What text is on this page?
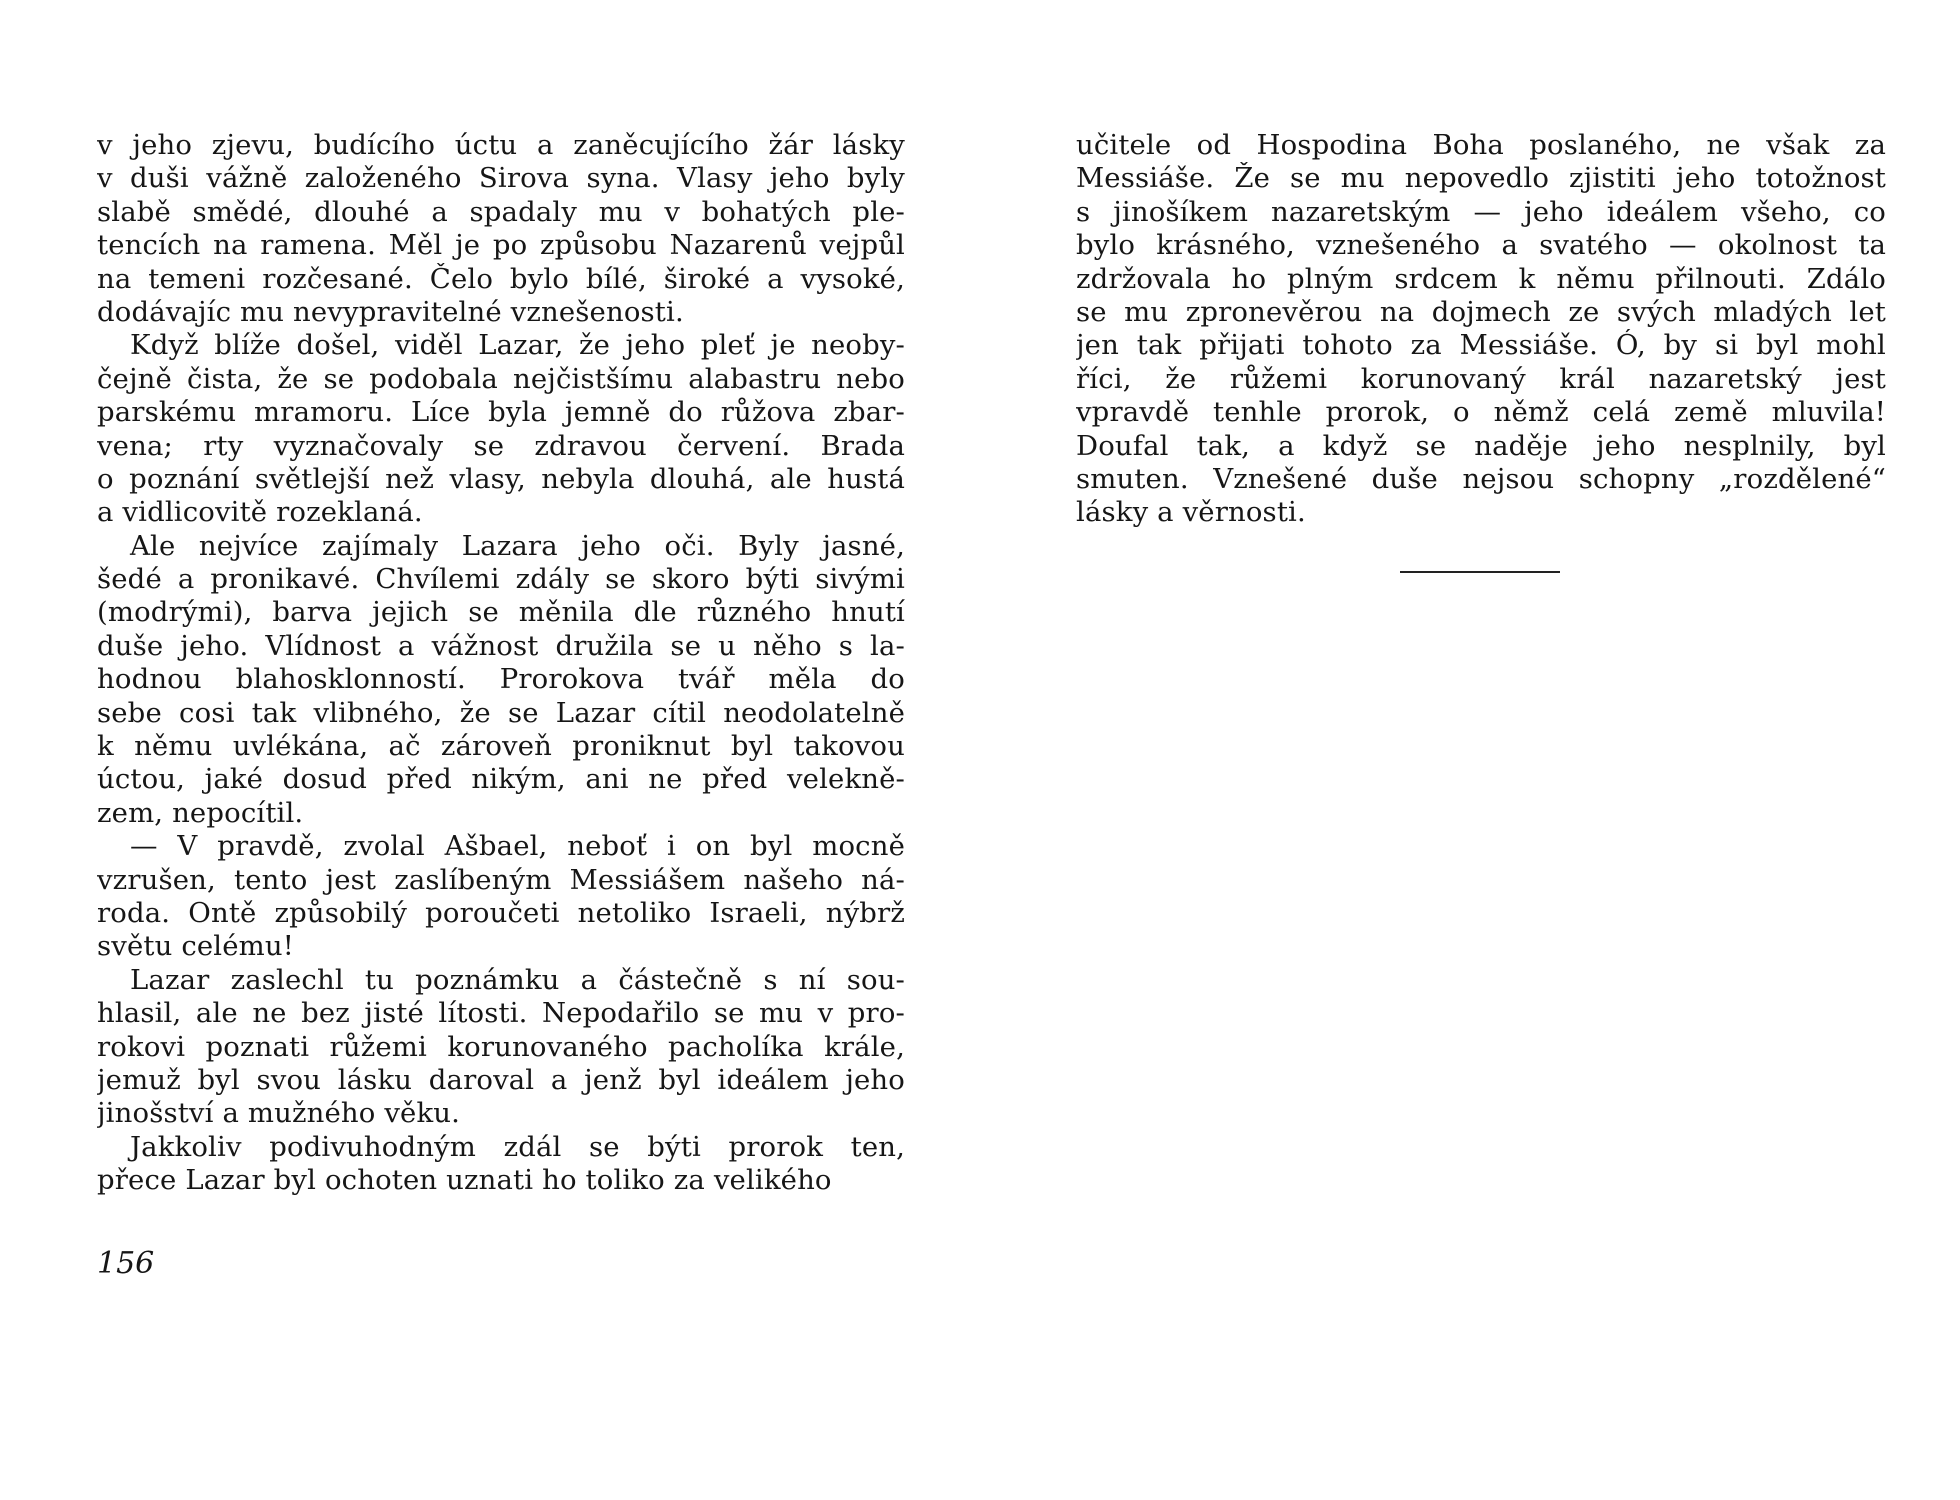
v jeho zjevu, budícího úctu a zaněcujícího žár lásky
v duši vážně založeného Sirova syna. Vlasy jeho byly
slabě smědé, dlouhé a spadaly mu v bohatých ple-
tencích na ramena. Měl je po způsobu Nazarenů vejpůl
na temeni rozčesané. Čelo bylo bílé, široké a vysoké,
dodávajíc mu nevypravitelné vznešenosti.
Když blíže došel, viděl Lazar, že jeho pleť je neoby-
čejně čista, že se podobala nejčistšímu alabastru nebo
parskému mramoru. Líce byla jemně do růžova zbar-
vena; rty vyznačovaly se zdravou červení. Brada
o poznání světlejší než vlasy, nebyla dlouhá, ale hustá
a vidlicovitě rozeklaná.
Ale nejvíce zajímaly Lazara jeho oči. Byly jasné,
šedé a pronikavé. Chvílemi zdály se skoro býti sivými
(modrými), barva jejich se měnila dle různého hnutí
duše jeho. Vlídnost a vážnost družila se u něho s la-
hodnou blahosklonností. Prorokova tvář měla do
sebe cosi tak vlibného, že se Lazar cítil neodolatelně
k němu uvlékána, ač zároveň proniknut byl takovou
úctou, jaké dosud před nikým, ani ne před velekně-
zem, nepocítil.
— V pravdě, zvolal Ašbael, neboť i on byl mocně
vzrušen, tento jest zaslíbeným Messiášem našeho ná-
roda. Ontě způsobilý poroučeti netoliko Israeli, nýbrž
světu celému!
Lazar zaslechl tu poznámku a částečně s ní sou-
hlasil, ale ne bez jisté lítosti. Nepodařilo se mu v pro-
rokovi poznati růžemi korunovaného pacholíka krále,
jemuž byl svou lásku daroval a jenž byl ideálem jeho
jinošství a mužného věku.
Jakkoliv podivuhodným zdál se býti prorok ten,
přece Lazar byl ochoten uznati ho toliko za velikého
156
učitele od Hospodina Boha poslaného, ne však za
Messiáše. Že se mu nepovedlo zjistiti jeho totožnost
s jinošíkem nazaretským — jeho ideálem všeho, co
bylo krásného, vznešeného a svatého — okolnost ta
zdržovala ho plným srdcem k němu přilnouti. Zdálo
se mu zpronevěrou na dojmech ze svých mladých let
jen tak přijati tohoto za Messiáše. Ó, by si byl mohl
říci, že růžemi korunovaný král nazaretský jest
vpravdě tenhle prorok, o němž celá země mluvila!
Doufal tak, a když se naděje jeho nesplnily, byl
smuten. Vznešené duše nejsou schopny „rozdělené“
lásky a věrnosti.
